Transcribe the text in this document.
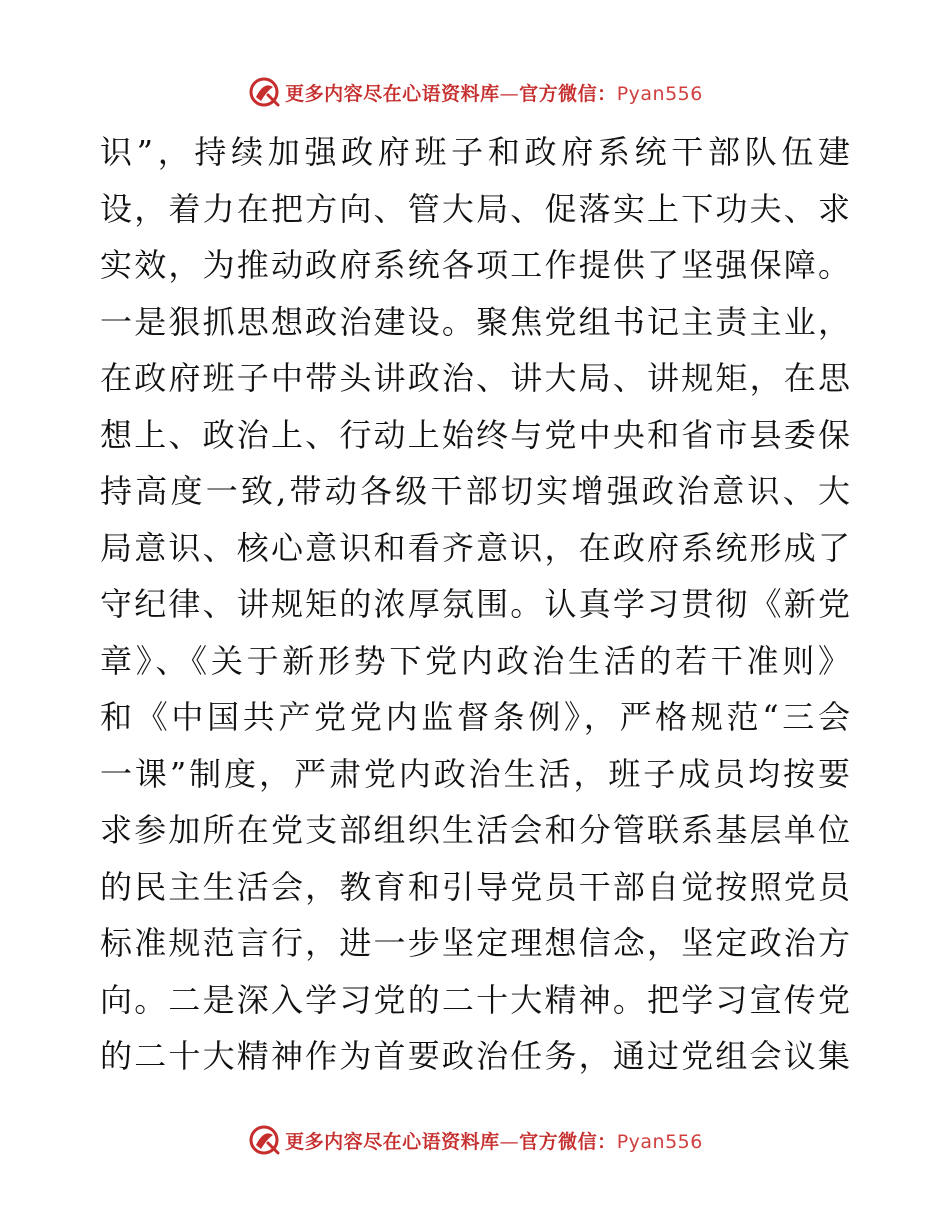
更多内容尽在心语资料库—官方微信：Pyan556
识”，持续加强政府班子和政府系统干部队伍建
设，着力在把方向、管大局、促落实上下功夫、求
实效，为推动政府系统各项工作提供了坚强保障。
一是狠抓思想政治建设。聚焦党组书记主责主业，
在政府班子中带头讲政治、讲大局、讲规矩，在思
想上、政治上、行动上始终与党中央和省市县委保
持高度一致,带动各级干部切实增强政治意识、大
局意识、核心意识和看齐意识，在政府系统形成了
守纪律、讲规矩的浓厚氛围。认真学习贯彻《新党
章》、《关于新形势下党内政治生活的若干准则》
和《中国共产党党内监督条例》，严格规范“三会
一课”制度，严肃党内政治生活，班子成员均按要
求参加所在党支部组织生活会和分管联系基层单位
的民主生活会，教育和引导党员干部自觉按照党员
标准规范言行，进一步坚定理想信念，坚定政治方
向。二是深入学习党的二十大精神。把学习宣传党
的二十大精神作为首要政治任务，通过党组会议集
更多内容尽在心语资料库—官方微信：Pyan556
